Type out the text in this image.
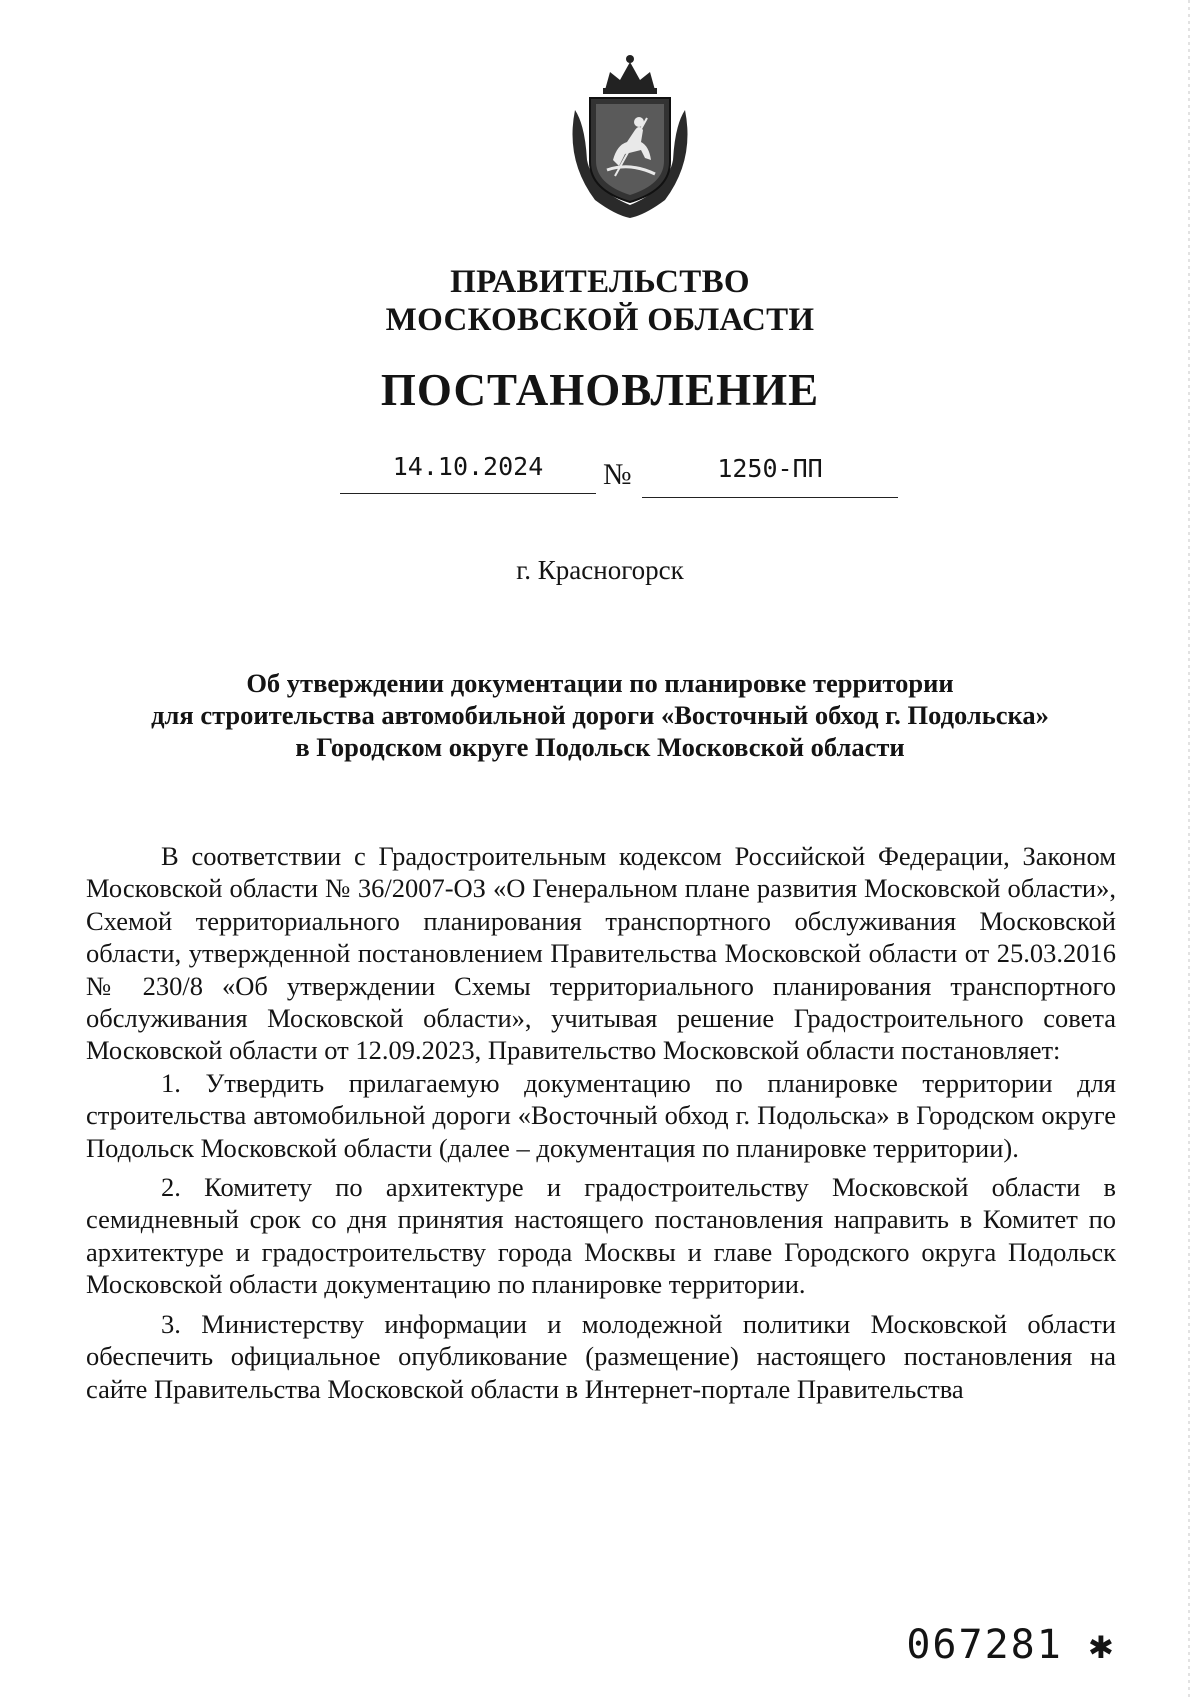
ПРАВИТЕЛЬСТВО
МОСКОВСКОЙ ОБЛАСТИ
ПОСТАНОВЛЕНИЕ
14.10.2024	№	1250-ПП
г. Красногорск
Об утверждении документации по планировке территории
для строительства автомобильной дороги «Восточный обход г. Подольска»
в Городском округе Подольск Московской области

В соответствии с Градостроительным кодексом Российской Федерации, Законом Московской области № 36/2007-ОЗ «О Генеральном плане развития Московской области», Схемой территориального планирования транспортного обслуживания Московской области, утвержденной постановлением Правительства Московской области от 25.03.2016 № 230/8 «Об утверждении Схемы территориального планирования транспортного обслуживания Московской области», учитывая решение Градостроительного совета Московской области от 12.09.2023, Правительство Московской области постановляет:

1. Утвердить прилагаемую документацию по планировке территории для строительства автомобильной дороги «Восточный обход г. Подольска» в Городском округе Подольск Московской области (далее – документация по планировке территории).

2. Комитету по архитектуре и градостроительству Московской области в семидневный срок со дня принятия настоящего постановления направить в Комитет по архитектуре и градостроительству города Москвы и главе Городского округа Подольск Московской области документацию по планировке территории.

3. Министерству информации и молодежной политики Московской области обеспечить официальное опубликование (размещение) настоящего постановления на сайте Правительства Московской области в Интернет-портале Правительства

067281 ✱
